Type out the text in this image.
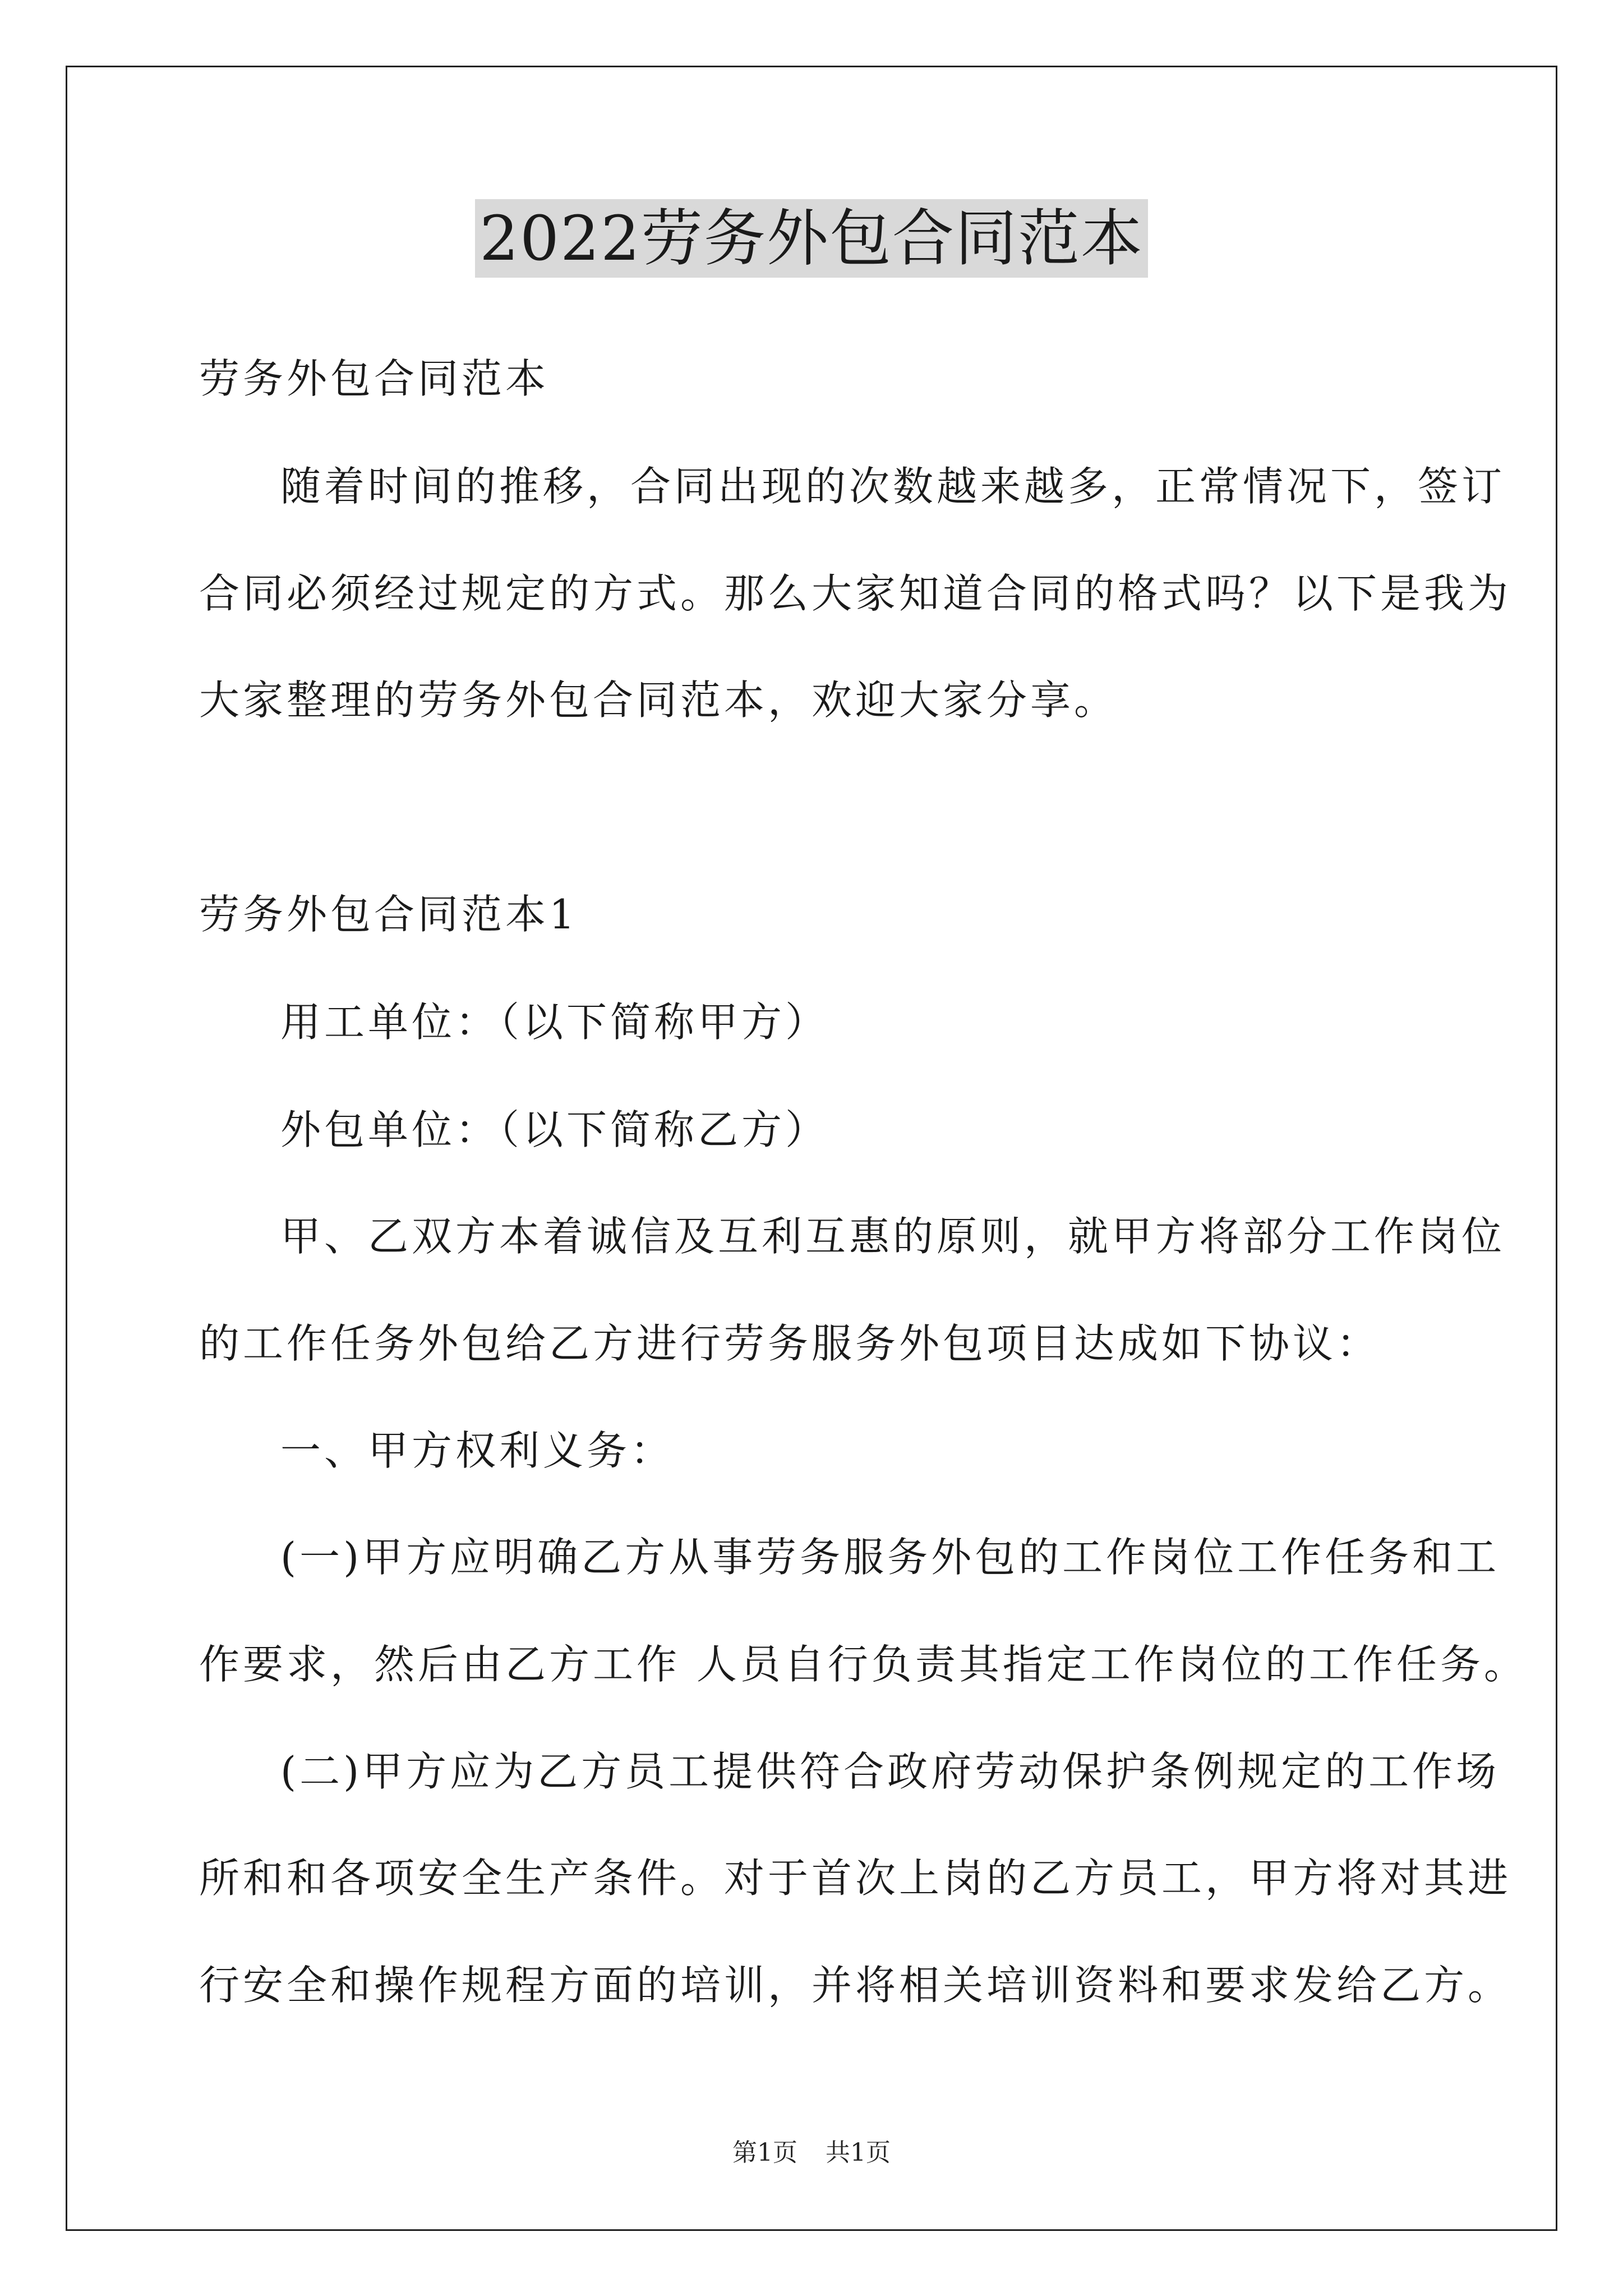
2022劳务外包合同范本
劳务外包合同范本
随着时间的推移，合同出现的次数越来越多，正常情况下，签订
合同必须经过规定的方式。那么大家知道合同的格式吗？以下是我为
大家整理的劳务外包合同范本，欢迎大家分享。
劳务外包合同范本1
用工单位：（以下简称甲方）
外包单位：（以下简称乙方）
甲、乙双方本着诚信及互利互惠的原则，就甲方将部分工作岗位
的工作任务外包给乙方进行劳务服务外包项目达成如下协议：
一、甲方权利义务：
(一)甲方应明确乙方从事劳务服务外包的工作岗位工作任务和工
作要求，然后由乙方工作 人员自行负责其指定工作岗位的工作任务。
(二)甲方应为乙方员工提供符合政府劳动保护条例规定的工作场
所和和各项安全生产条件。对于首次上岗的乙方员工，甲方将对其进
行安全和操作规程方面的培训，并将相关培训资料和要求发给乙方。
第1页 共1页
